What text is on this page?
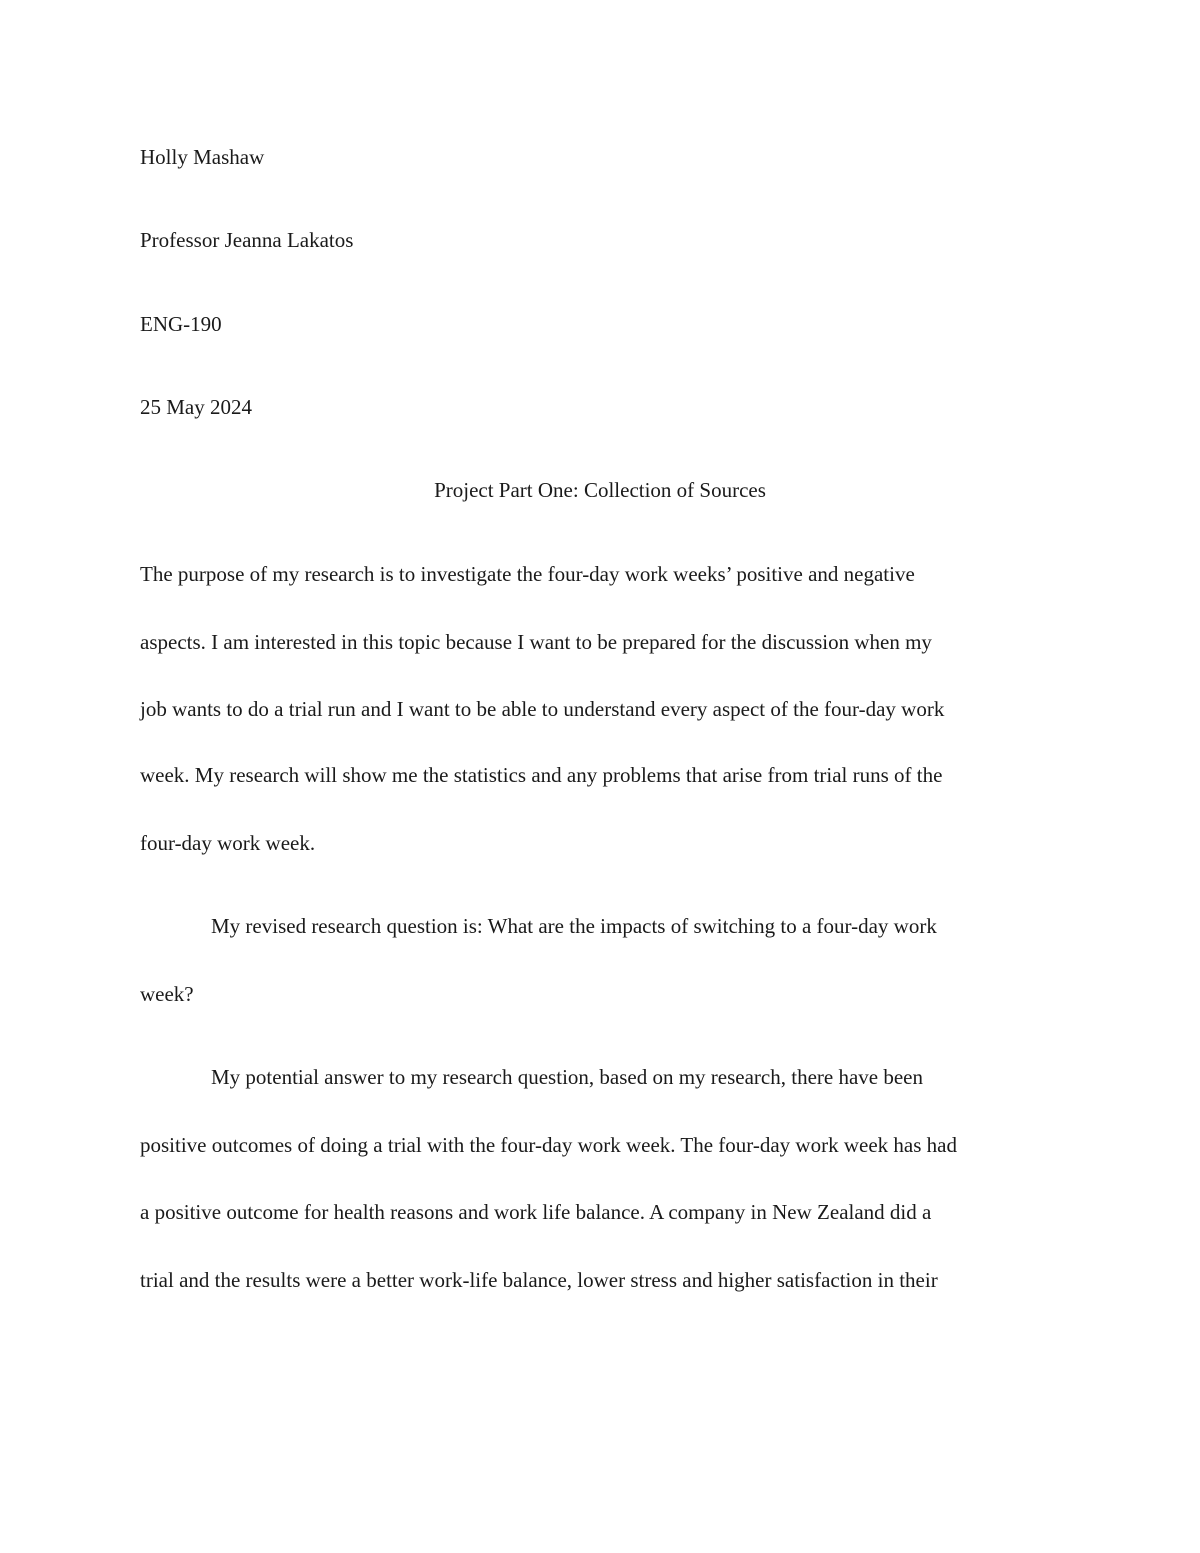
Holly Mashaw

Professor Jeanna Lakatos

ENG-190

25 May 2024

Project Part One: Collection of Sources

The purpose of my research is to investigate the four-day work weeks’ positive and negative

aspects. I am interested in this topic because I want to be prepared for the discussion when my

job wants to do a trial run and I want to be able to understand every aspect of the four-day work

week. My research will show me the statistics and any problems that arise from trial runs of the

four-day work week.

My revised research question is: What are the impacts of switching to a four-day work

week?

My potential answer to my research question, based on my research, there have been

positive outcomes of doing a trial with the four-day work week. The four-day work week has had

a positive outcome for health reasons and work life balance. A company in New Zealand did a

trial and the results were a better work-life balance, lower stress and higher satisfaction in their
